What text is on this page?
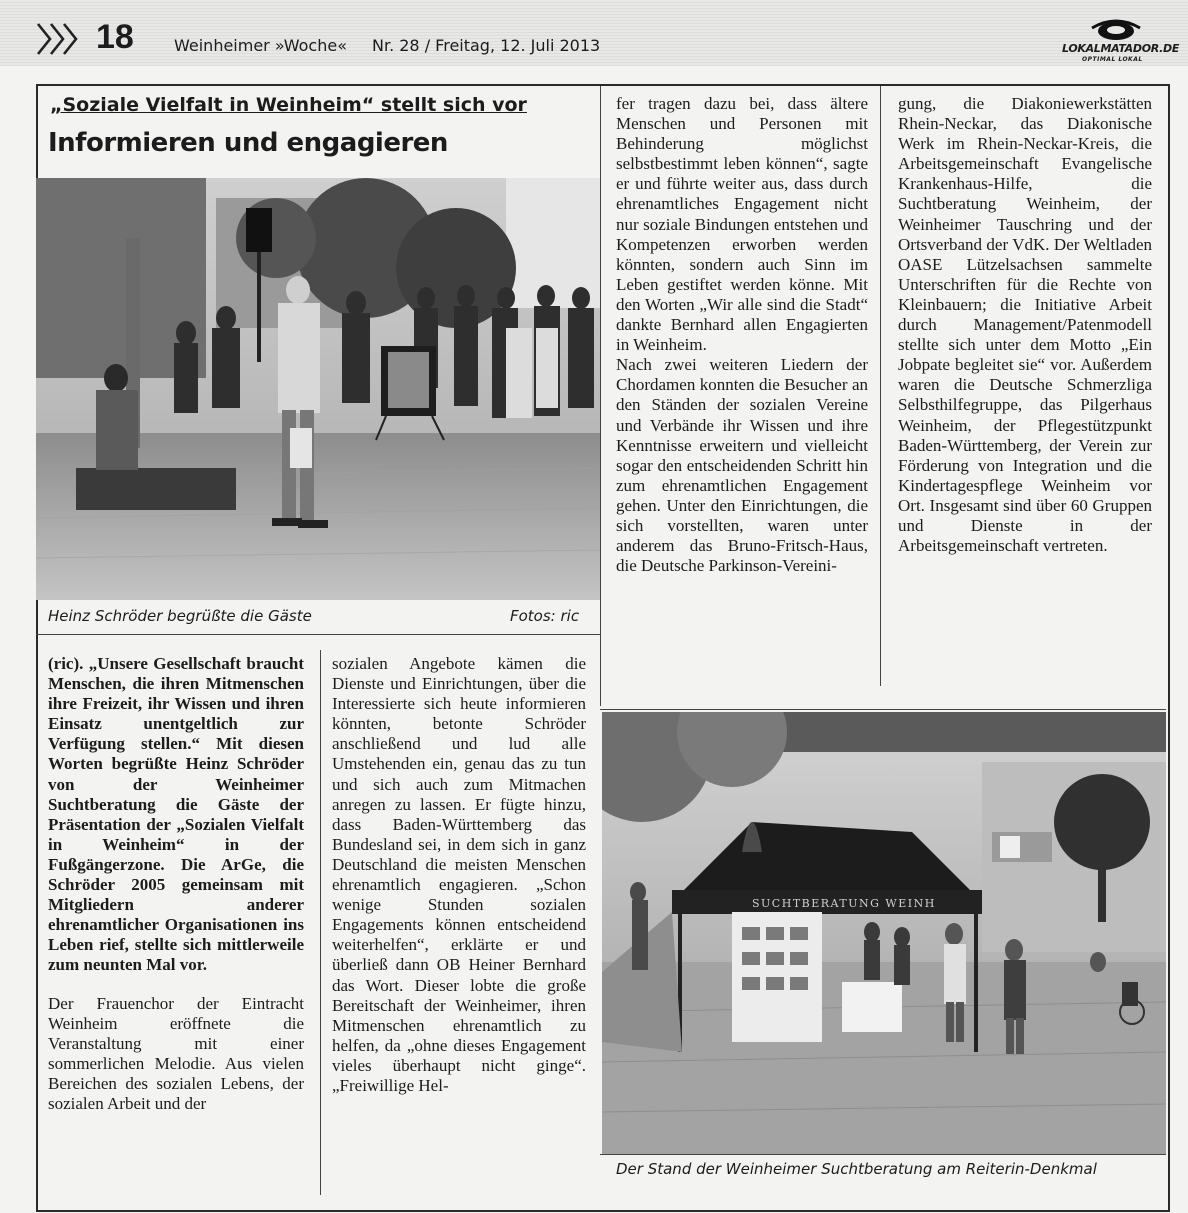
18	Weinheimer »Woche« Nr. 28 / Freitag, 12. Juli 2013	LOKALMATADOR.DE
OPTIMAL LOKAL
„Soziale Vielfalt in Weinheim“ stellt sich vor
Informieren und engagieren
Heinz Schröder begrüßte die Gäste	Fotos: ric

(ric). „Unsere Gesellschaft braucht Menschen, die ihren Mitmenschen ihre Freizeit, ihr Wissen und ihren Einsatz unentgeltlich zur Verfügung stellen.“ Mit diesen Worten begrüßte Heinz Schröder von der Weinheimer Suchtberatung die Gäste der Präsentation der „Sozialen Vielfalt in Weinheim“ in der Fußgängerzone. Die ArGe, die Schröder 2005 gemeinsam mit Mitgliedern anderer ehrenamtlicher Organisationen ins Leben rief, stellte sich mittlerweile zum neunten Mal vor.

Der Frauenchor der Eintracht Weinheim eröffnete die Veranstaltung mit einer sommerlichen Melodie. Aus vielen Bereichen des sozialen Lebens, der sozialen Arbeit und der

sozialen Angebote kämen die Dienste und Einrichtungen, über die Interessierte sich heute informieren könnten, betonte Schröder anschließend und lud alle Umstehenden ein, genau das zu tun und sich auch zum Mitmachen anregen zu lassen. Er fügte hinzu, dass Baden-Württemberg das Bundesland sei, in dem sich in ganz Deutschland die meisten Menschen ehrenamtlich engagieren. „Schon wenige Stunden sozialen Engagements können entscheidend weiterhelfen“, erklärte er und überließ dann OB Heiner Bernhard das Wort. Dieser lobte die große Bereitschaft der Weinheimer, ihren Mitmenschen ehrenamtlich zu helfen, da „ohne dieses Engagement vieles überhaupt nicht ginge“. „Freiwillige Hel-

fer tragen dazu bei, dass ältere Menschen und Personen mit Behinderung möglichst selbstbestimmt leben können“, sagte er und führte weiter aus, dass durch ehrenamtliches Engagement nicht nur soziale Bindungen entstehen und Kompetenzen erworben werden könnten, sondern auch Sinn im Leben gestiftet werden könne. Mit den Worten „Wir alle sind die Stadt“ dankte Bernhard allen Engagierten in Weinheim.

Nach zwei weiteren Liedern der Chordamen konnten die Besucher an den Ständen der sozialen Vereine und Verbände ihr Wissen und ihre Kenntnisse erweitern und vielleicht sogar den entscheidenden Schritt hin zum ehrenamtlichen Engagement gehen. Unter den Einrichtungen, die sich vorstellten, waren unter anderem das Bruno-Fritsch-Haus, die Deutsche Parkinson-Vereini-

gung, die Diakoniewerkstätten Rhein-Neckar, das Diakonische Werk im Rhein-Neckar-Kreis, die Arbeitsgemeinschaft Evangelische Krankenhaus-Hilfe, die Suchtberatung Weinheim, der Weinheimer Tauschring und der Ortsverband der VdK. Der Weltladen OASE Lützelsachsen sammelte Unterschriften für die Rechte von Kleinbauern; die Initiative Arbeit durch Management/Patenmodell stellte sich unter dem Motto „Ein Jobpate begleitet sie“ vor. Außerdem waren die Deutsche Schmerzliga Selbsthilfegruppe, das Pilgerhaus Weinheim, der Pflegestützpunkt Baden-Württemberg, der Verein zur Förderung von Integration und die Kindertagespflege Weinheim vor Ort. Insgesamt sind über 60 Gruppen und Dienste in der Arbeitsgemeinschaft vertreten.

SUCHTBERATUNG WEINH
Der Stand der Weinheimer Suchtberatung am Reiterin-Denkmal
